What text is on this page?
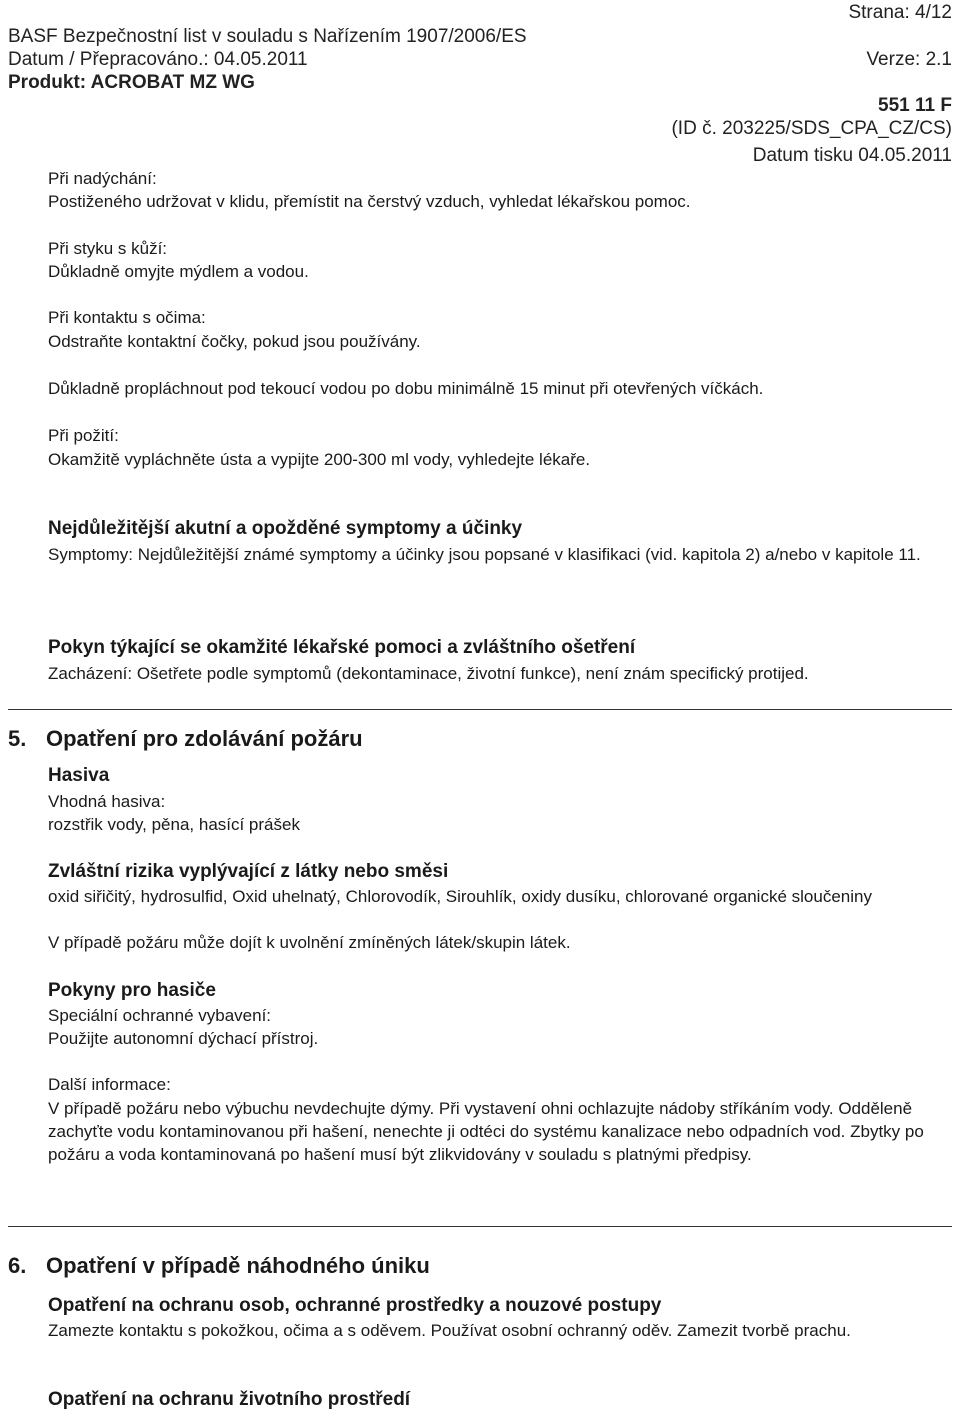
Strana: 4/12
BASF Bezpečnostní list v souladu s Nařízením 1907/2006/ES
Datum / Přepracováno.: 04.05.2011	Verze: 2.1
Produkt: ACROBAT MZ WG
551 11 F
(ID č. 203225/SDS_CPA_CZ/CS)
Datum tisku 04.05.2011
Při nadýchání:
Postiženého udržovat v klidu, přemístit na čerstvý vzduch, vyhledat lékařskou pomoc.
Při styku s kůží:
Důkladně omyjte mýdlem a vodou.
Při kontaktu s očima:
Odstraňte kontaktní čočky, pokud jsou používány.
Důkladně propláchnout pod tekoucí vodou po dobu minimálně 15 minut při otevřených víčkách.
Při požití:
Okamžitě vypláchněte ústa a vypijte 200-300 ml vody, vyhledejte lékaře.
Nejdůležitější akutní a opožděné symptomy a účinky
Symptomy: Nejdůležitější známé symptomy a účinky jsou popsané v klasifikaci (vid. kapitola 2) a/nebo v kapitole 11.
Pokyn týkající se okamžité lékařské pomoci a zvláštního ošetření
Zacházení: Ošetřete podle symptomů (dekontaminace, životní funkce), není znám specifický protijed.
5. Opatření pro zdolávání požáru
Hasiva
Vhodná hasiva:
rozstřik vody, pěna, hasící prášek
Zvláštní rizika vyplývající z látky nebo směsi
oxid siřičitý, hydrosulfid, Oxid uhelnatý, Chlorovodík, Sirouhlík, oxidy dusíku, chlorované organické sloučeniny
V případě požáru může dojít k uvolnění zmíněných látek/skupin látek.
Pokyny pro hasiče
Speciální ochranné vybavení:
Použijte autonomní dýchací přístroj.
Další informace:
V případě požáru nebo výbuchu nevdechujte dýmy. Při vystavení ohni ochlazujte nádoby stříkáním vody. Odděleně zachyťte vodu kontaminovanou při hašení, nenechte ji odtéci do systému kanalizace nebo odpadních vod. Zbytky po požáru a voda kontaminovaná po hašení musí být zlikvidovány v souladu s platnými předpisy.
6. Opatření v případě náhodného úniku
Opatření na ochranu osob, ochranné prostředky a nouzové postupy
Zamezte kontaktu s pokožkou, očima a s oděvem. Používat osobní ochranný oděv. Zamezit tvorbě prachu.
Opatření na ochranu životního prostředí
